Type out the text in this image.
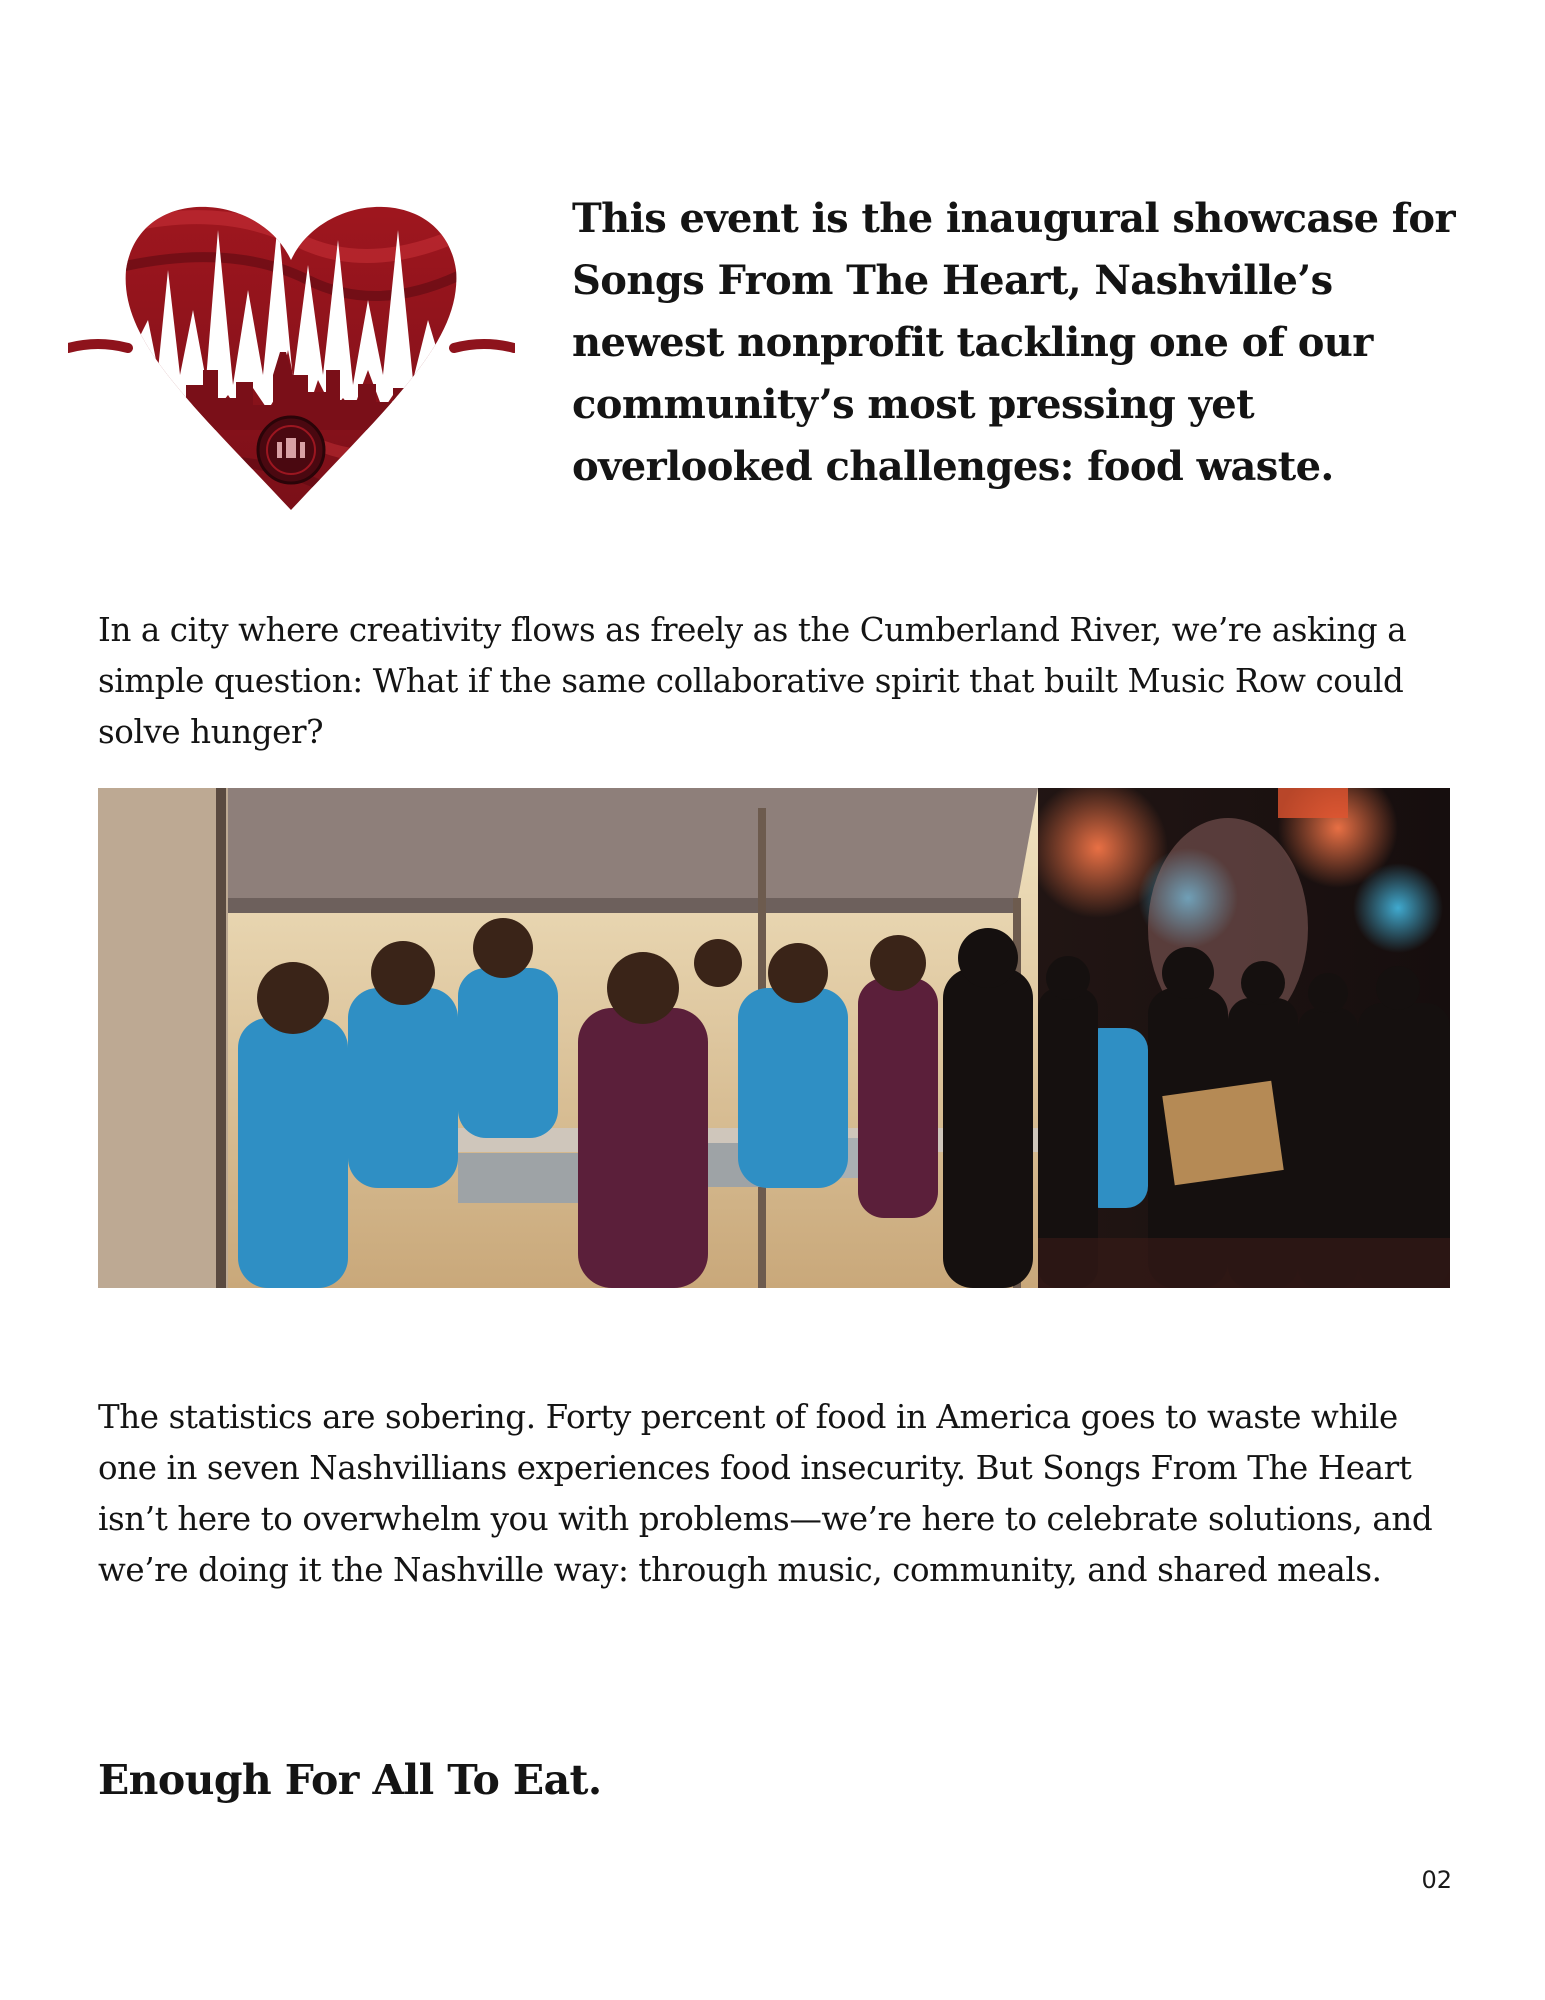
This event is the inaugural showcase for Songs From The Heart, Nashville’s newest nonprofit tackling one of our community’s most pressing yet overlooked challenges: food waste.

In a city where creativity flows as freely as the Cumberland River, we’re asking a simple question: What if the same collaborative spirit that built Music Row could solve hunger?

The statistics are sobering. Forty percent of food in America goes to waste while one in seven Nashvillians experiences food insecurity. But Songs From The Heart isn’t here to overwhelm you with problems—we’re here to celebrate solutions, and we’re doing it the Nashville way: through music, community, and shared meals.

Enough For All To Eat.
02
